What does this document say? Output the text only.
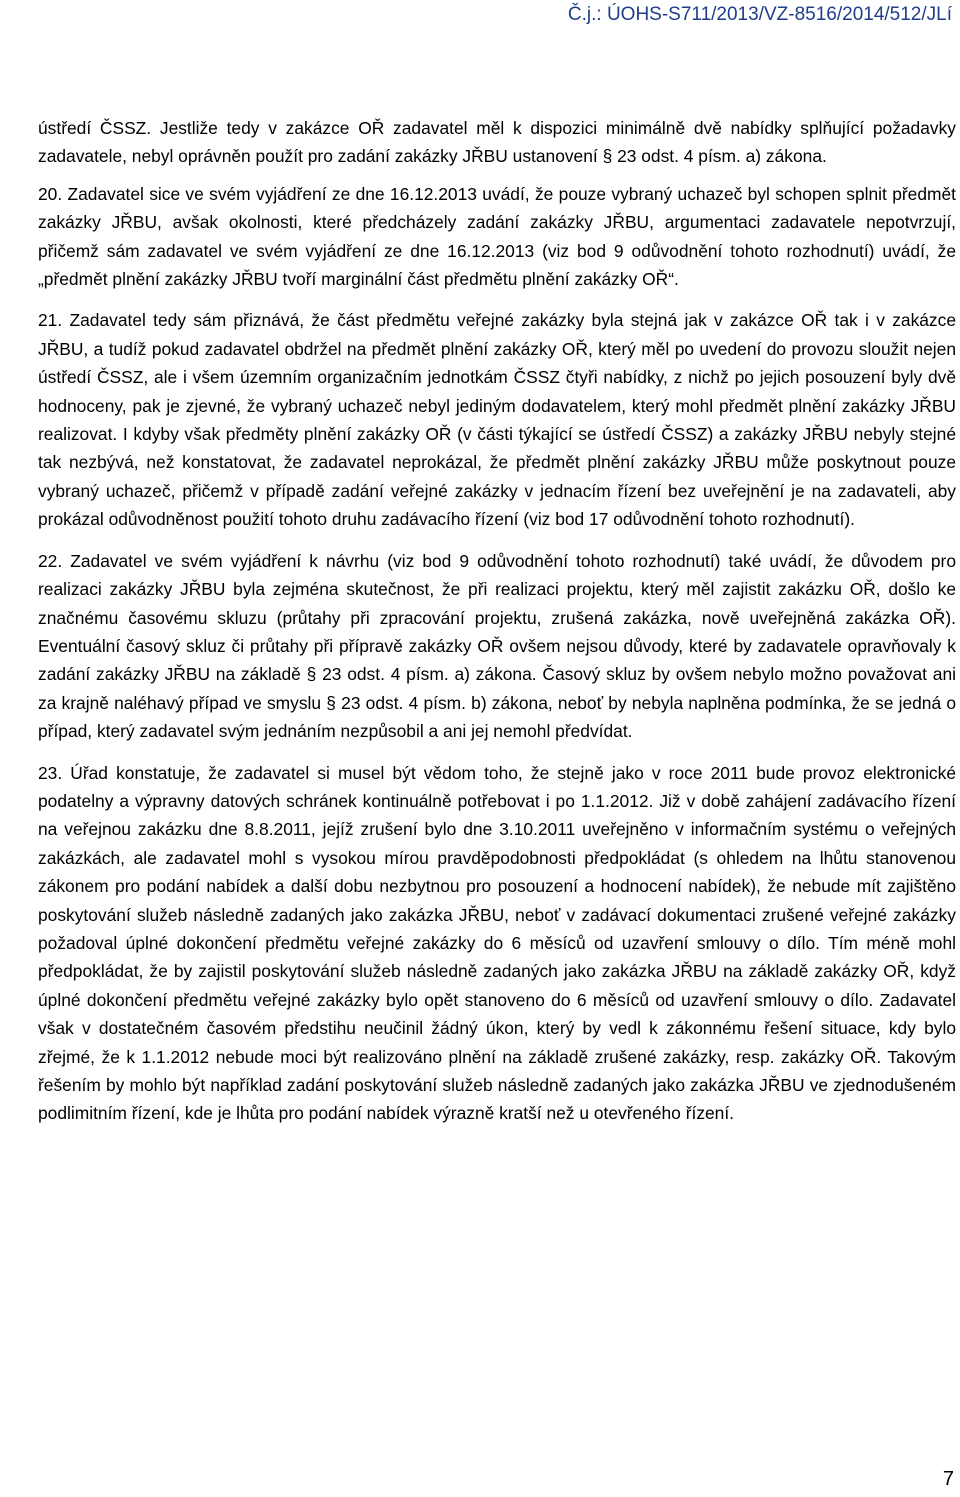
Č.j.: ÚOHS-S711/2013/VZ-8516/2014/512/JLí

ústředí ČSSZ. Jestliže tedy v zakázce OŘ zadavatel měl k dispozici minimálně dvě nabídky splňující požadavky zadavatele, nebyl oprávněn použít pro zadání zakázky JŘBU ustanovení § 23 odst. 4 písm. a) zákona.

20. Zadavatel sice ve svém vyjádření ze dne 16.12.2013 uvádí, že pouze vybraný uchazeč byl schopen splnit předmět zakázky JŘBU, avšak okolnosti, které předcházely zadání zakázky JŘBU, argumentaci zadavatele nepotvrzují, přičemž sám zadavatel ve svém vyjádření ze dne 16.12.2013 (viz bod 9 odůvodnění tohoto rozhodnutí) uvádí, že „předmět plnění zakázky JŘBU tvoří marginální část předmětu plnění zakázky OŘ“.

21. Zadavatel tedy sám přiznává, že část předmětu veřejné zakázky byla stejná jak v zakázce OŘ tak i v zakázce JŘBU, a tudíž pokud zadavatel obdržel na předmět plnění zakázky OŘ, který měl po uvedení do provozu sloužit nejen ústředí ČSSZ, ale i všem územním organizačním jednotkám ČSSZ čtyři nabídky, z nichž po jejich posouzení byly dvě hodnoceny, pak je zjevné, že vybraný uchazeč nebyl jediným dodavatelem, který mohl předmět plnění zakázky JŘBU realizovat. I kdyby však předměty plnění zakázky OŘ (v části týkající se ústředí ČSSZ) a zakázky JŘBU nebyly stejné tak nezbývá, než konstatovat, že zadavatel neprokázal, že předmět plnění zakázky JŘBU může poskytnout pouze vybraný uchazeč, přičemž v případě zadání veřejné zakázky v jednacím řízení bez uveřejnění je na zadavateli, aby prokázal odůvodněnost použití tohoto druhu zadávacího řízení (viz bod 17 odůvodnění tohoto rozhodnutí).

22. Zadavatel ve svém vyjádření k návrhu (viz bod 9 odůvodnění tohoto rozhodnutí) také uvádí, že důvodem pro realizaci zakázky JŘBU byla zejména skutečnost, že při realizaci projektu, který měl zajistit zakázku OŘ, došlo ke značnému časovému skluzu (průtahy při zpracování projektu, zrušená zakázka, nově uveřejněná zakázka OŘ). Eventuální časový skluz či průtahy při přípravě zakázky OŘ ovšem nejsou důvody, které by zadavatele opravňovaly k zadání zakázky JŘBU na základě § 23 odst. 4 písm. a) zákona. Časový skluz by ovšem nebylo možno považovat ani za krajně naléhavý případ ve smyslu § 23 odst. 4 písm. b) zákona, neboť by nebyla naplněna podmínka, že se jedná o případ, který zadavatel svým jednáním nezpůsobil a ani jej nemohl předvídat.

23. Úřad konstatuje, že zadavatel si musel být vědom toho, že stejně jako v roce 2011 bude provoz elektronické podatelny a výpravny datových schránek kontinuálně potřebovat i po 1.1.2012. Již v době zahájení zadávacího řízení na veřejnou zakázku dne 8.8.2011, jejíž zrušení bylo dne 3.10.2011 uveřejněno v informačním systému o veřejných zakázkách, ale zadavatel mohl s vysokou mírou pravděpodobnosti předpokládat (s ohledem na lhůtu stanovenou zákonem pro podání nabídek a další dobu nezbytnou pro posouzení a hodnocení nabídek), že nebude mít zajištěno poskytování služeb následně zadaných jako zakázka JŘBU, neboť v zadávací dokumentaci zrušené veřejné zakázky požadoval úplné dokončení předmětu veřejné zakázky do 6 měsíců od uzavření smlouvy o dílo. Tím méně mohl předpokládat, že by zajistil poskytování služeb následně zadaných jako zakázka JŘBU na základě zakázky OŘ, když úplné dokončení předmětu veřejné zakázky bylo opět stanoveno do 6 měsíců od uzavření smlouvy o dílo. Zadavatel však v dostatečném časovém předstihu neučinil žádný úkon, který by vedl k zákonnému řešení situace, kdy bylo zřejmé, že k 1.1.2012 nebude moci být realizováno plnění na základě zrušené zakázky, resp. zakázky OŘ. Takovým řešením by mohlo být například zadání poskytování služeb následně zadaných jako zakázka JŘBU ve zjednodušeném podlimitním řízení, kde je lhůta pro podání nabídek výrazně kratší než u otevřeného řízení.

7
